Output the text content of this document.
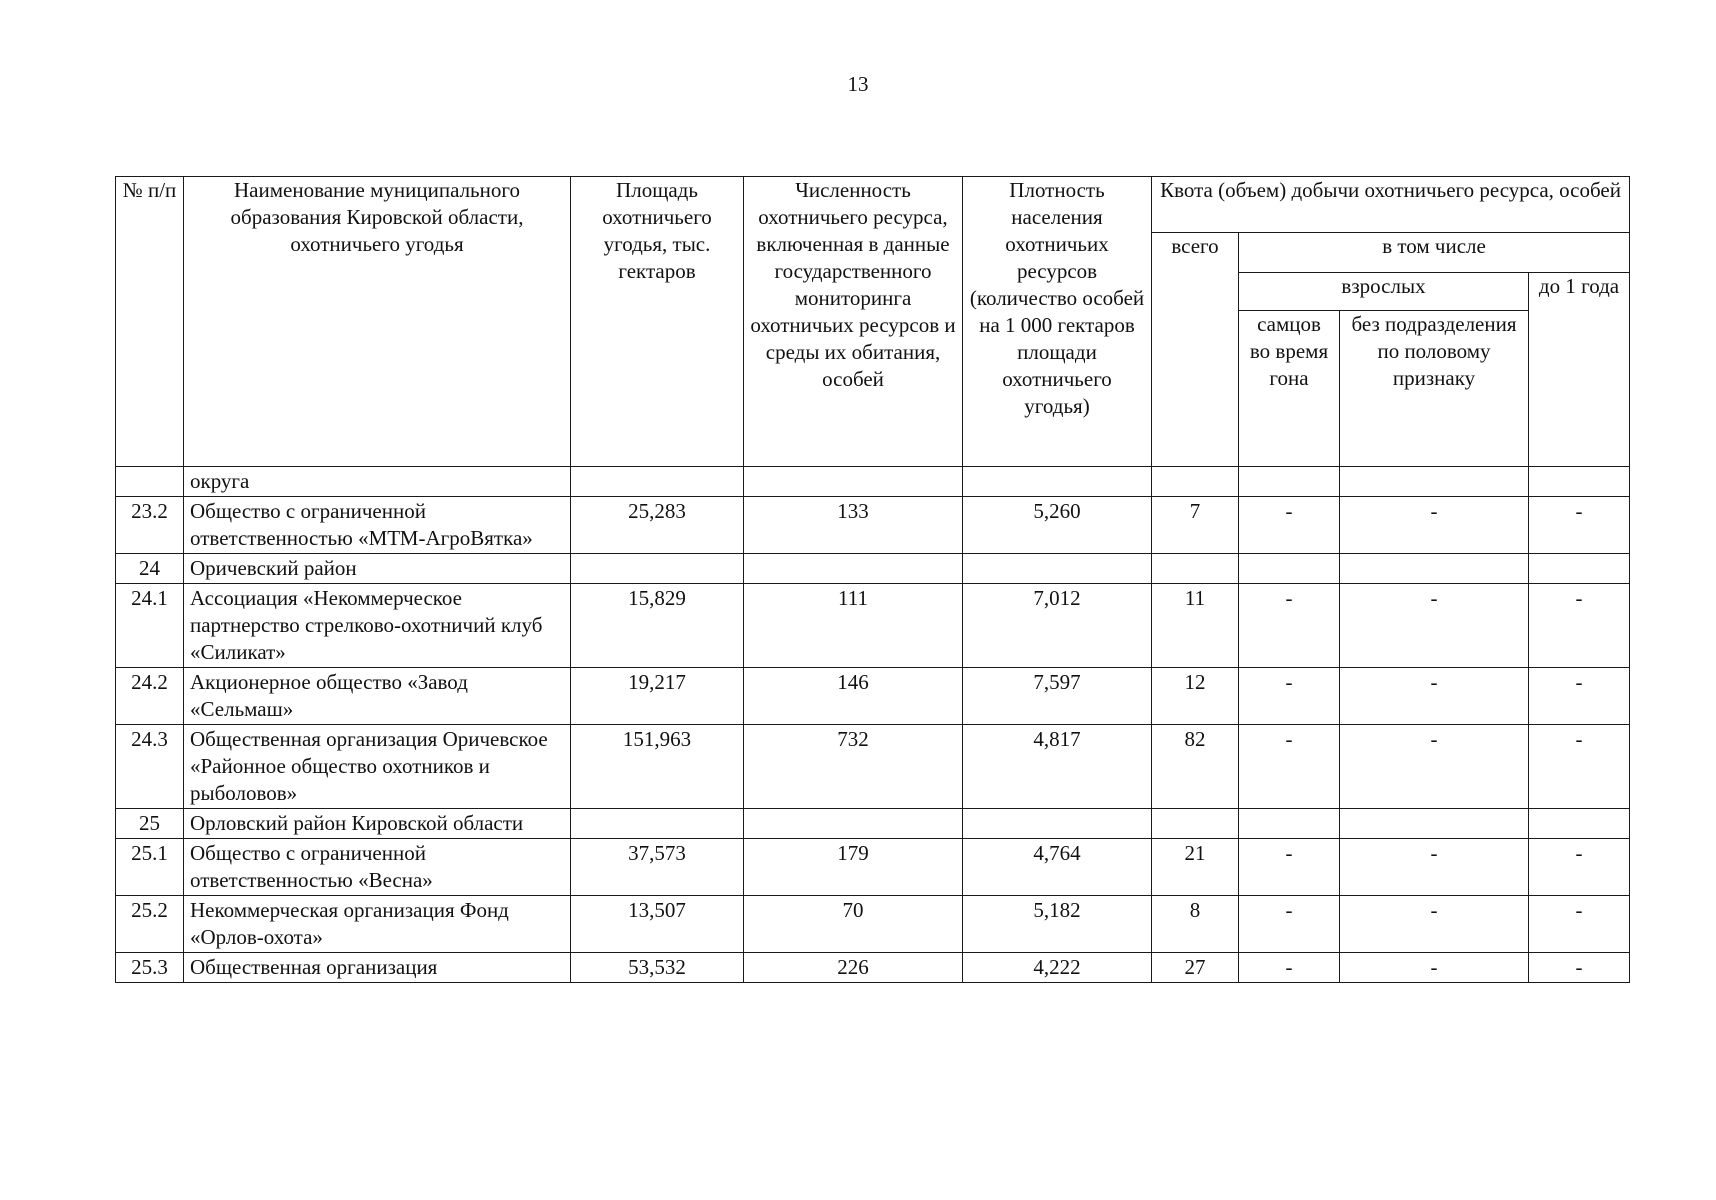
13
№ п/п	Наименование муниципального образования Кировской области, охотничьего угодья	Площадь охотничьего угодья, тыс. гектаров	Численность охотничьего ресурса, включенная в данные государственного мониторинга охотничьих ресурсов и среды их обитания, особей	Плотность населения охотничьих ресурсов (количество особей на 1 000 гектаров площади охотничьего угодья)	Квота (объем) добычи охотничьего ресурса, особей			
					всего	в том числе		
						взрослых		до 1 года
						самцов во время гона	без подразделения по половому признаку	
	округа							
23.2	Общество с ограниченной ответственностью «МТМ-АгроВятка»	25,283	133	5,260	7	-	-	-
24	Оричевский район							
24.1	Ассоциация «Некоммерческое партнерство стрелково-охотничий клуб «Силикат»	15,829	111	7,012	11	-	-	-
24.2	Акционерное общество «Завод «Сельмаш»	19,217	146	7,597	12	-	-	-
24.3	Общественная организация Оричевское «Районное общество охотников и рыболовов»	151,963	732	4,817	82	-	-	-
25	Орловский район Кировской области							
25.1	Общество с ограниченной ответственностью «Весна»	37,573	179	4,764	21	-	-	-
25.2	Некоммерческая организация Фонд «Орлов-охота»	13,507	70	5,182	8	-	-	-
25.3	Общественная организация	53,532	226	4,222	27	-	-	-
